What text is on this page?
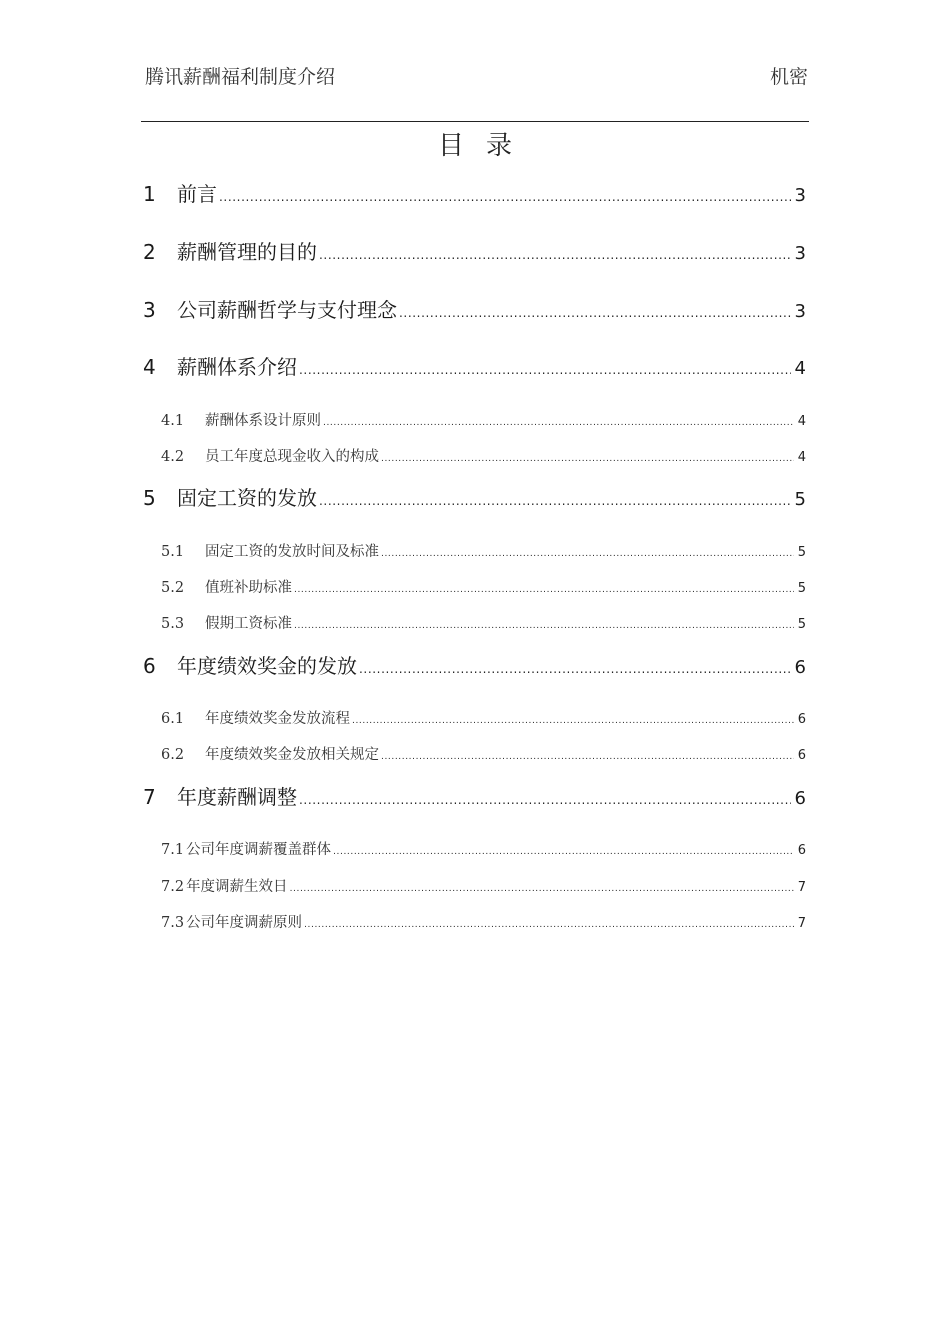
腾讯薪酬福利制度介绍	机密
目录
1	前言 .....	3
2	薪酬管理的目的 .....	3
3	公司薪酬哲学与支付理念 .....	3
4	薪酬体系介绍 .....	4
4.1	薪酬体系设计原则 .....	4
4.2	员工年度总现金收入的构成 .....	4
5	固定工资的发放 .....	5
5.1	固定工资的发放时间及标准 .....	5
5.2	值班补助标准 .....	5
5.3	假期工资标准 .....	5
6	年度绩效奖金的发放 .....	6
6.1	年度绩效奖金发放流程 .....	6
6.2	年度绩效奖金发放相关规定 .....	6
7	年度薪酬调整 .....	6
7.1 公司年度调薪覆盖群体 .....	6
7.2 年度调薪生效日 .....	7
7.3 公司年度调薪原则 .....	7
